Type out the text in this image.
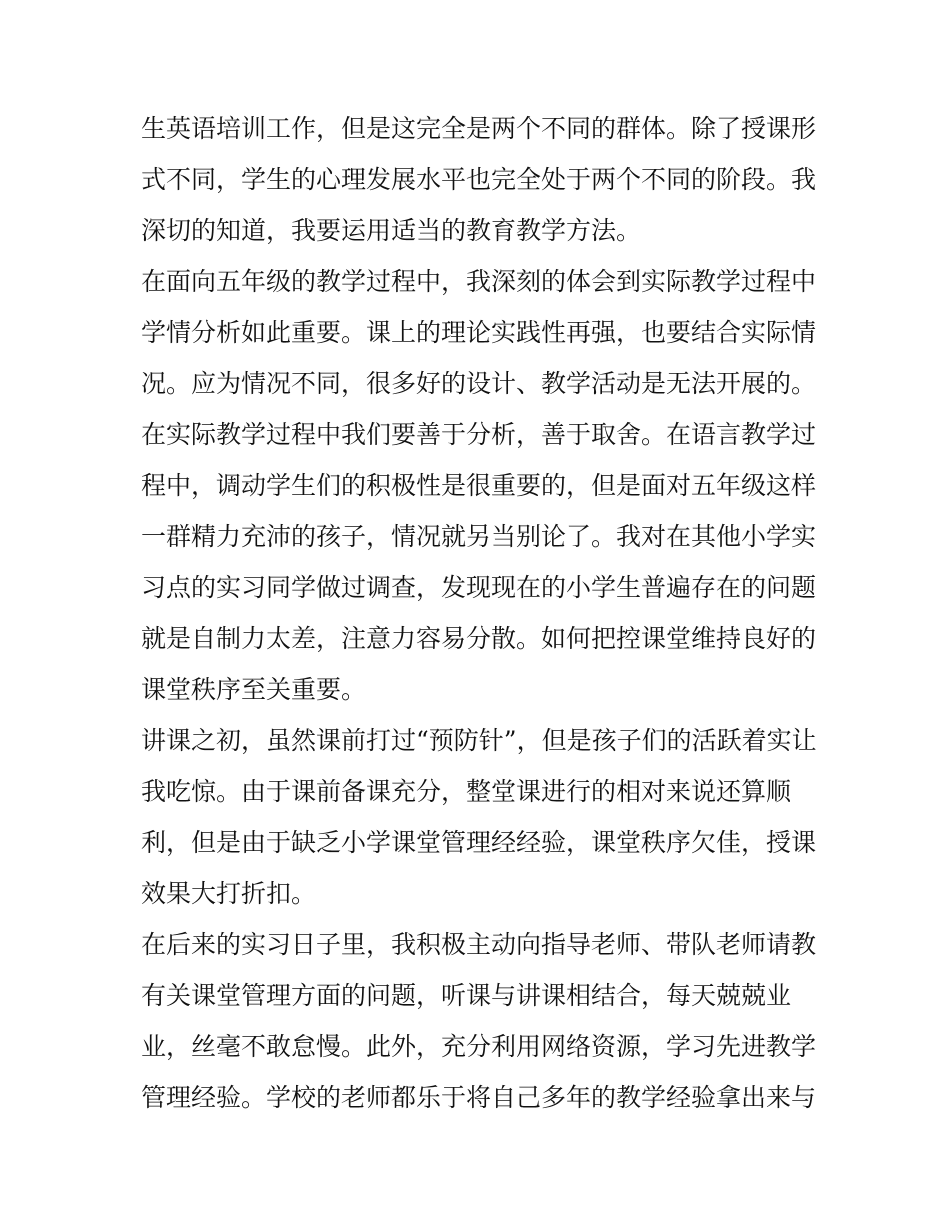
生英语培训工作，但是这完全是两个不同的群体。除了授课形
式不同，学生的心理发展水平也完全处于两个不同的阶段。我
深切的知道，我要运用适当的教育教学方法。
在面向五年级的教学过程中，我深刻的体会到实际教学过程中
学情分析如此重要。课上的理论实践性再强，也要结合实际情
况。应为情况不同，很多好的设计、教学活动是无法开展的。
在实际教学过程中我们要善于分析，善于取舍。在语言教学过
程中，调动学生们的积极性是很重要的，但是面对五年级这样
一群精力充沛的孩子，情况就另当别论了。我对在其他小学实
习点的实习同学做过调查，发现现在的小学生普遍存在的问题
就是自制力太差，注意力容易分散。如何把控课堂维持良好的
课堂秩序至关重要。
讲课之初，虽然课前打过“预防针”，但是孩子们的活跃着实让
我吃惊。由于课前备课充分，整堂课进行的相对来说还算顺
利，但是由于缺乏小学课堂管理经经验，课堂秩序欠佳，授课
效果大打折扣。
在后来的实习日子里，我积极主动向指导老师、带队老师请教
有关课堂管理方面的问题，听课与讲课相结合，每天兢兢业
业，丝毫不敢怠慢。此外，充分利用网络资源，学习先进教学
管理经验。学校的老师都乐于将自己多年的教学经验拿出来与
